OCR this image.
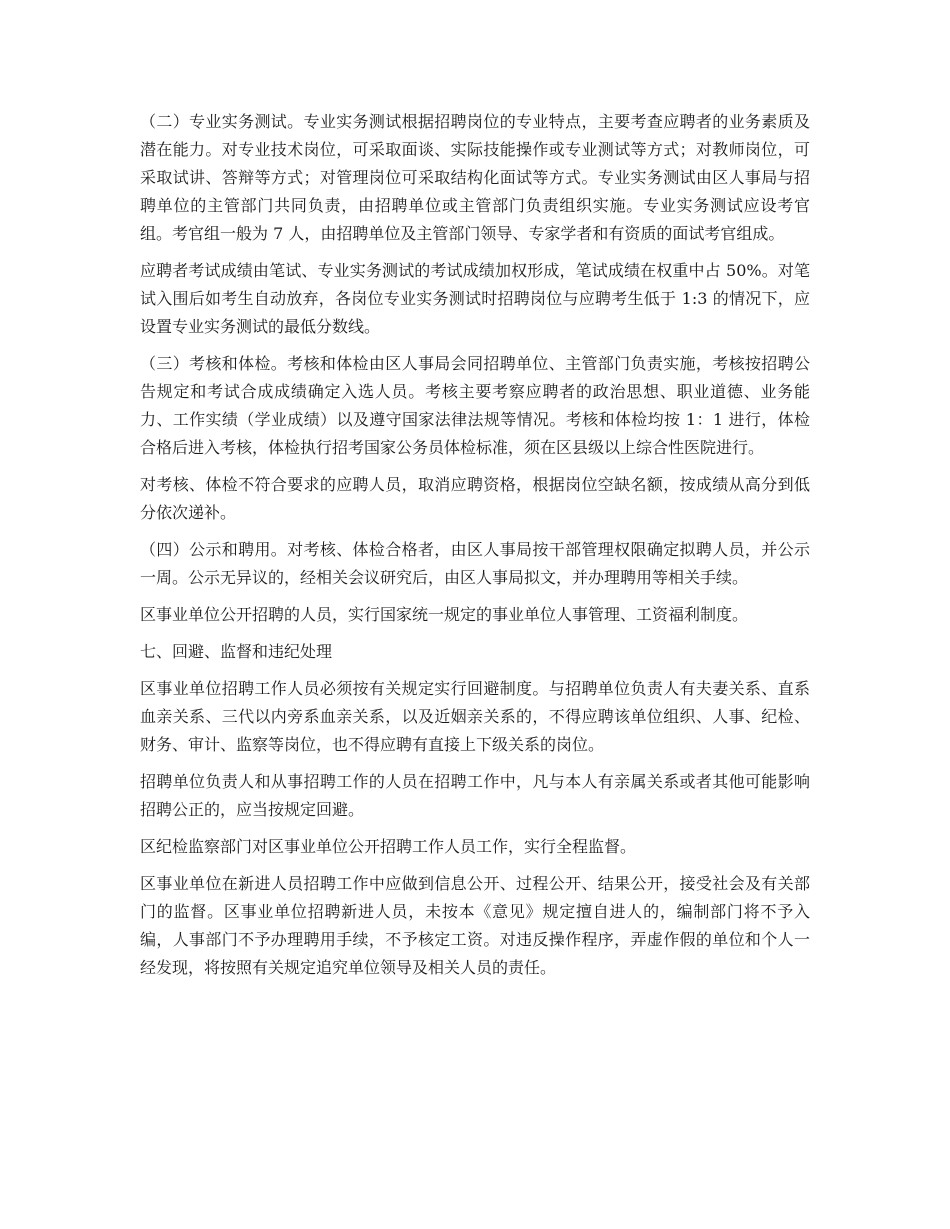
（二）专业实务测试。专业实务测试根据招聘岗位的专业特点，主要考查应聘者的业务素质及潜在能力。对专业技术岗位，可采取面谈、实际技能操作或专业测试等方式；对教师岗位，可采取试讲、答辩等方式；对管理岗位可采取结构化面试等方式。专业实务测试由区人事局与招聘单位的主管部门共同负责，由招聘单位或主管部门负责组织实施。专业实务测试应设考官组。考官组一般为 7 人，由招聘单位及主管部门领导、专家学者和有资质的面试考官组成。

应聘者考试成绩由笔试、专业实务测试的考试成绩加权形成，笔试成绩在权重中占 50%。对笔试入围后如考生自动放弃，各岗位专业实务测试时招聘岗位与应聘考生低于 1:3 的情况下，应设置专业实务测试的最低分数线。

（三）考核和体检。考核和体检由区人事局会同招聘单位、主管部门负责实施，考核按招聘公告规定和考试合成成绩确定入选人员。考核主要考察应聘者的政治思想、职业道德、业务能力、工作实绩（学业成绩）以及遵守国家法律法规等情况。考核和体检均按 1：1 进行，体检合格后进入考核，体检执行招考国家公务员体检标准，须在区县级以上综合性医院进行。

对考核、体检不符合要求的应聘人员，取消应聘资格，根据岗位空缺名额，按成绩从高分到低分依次递补。

（四）公示和聘用。对考核、体检合格者，由区人事局按干部管理权限确定拟聘人员，并公示一周。公示无异议的，经相关会议研究后，由区人事局拟文，并办理聘用等相关手续。

区事业单位公开招聘的人员，实行国家统一规定的事业单位人事管理、工资福利制度。

七、回避、监督和违纪处理

区事业单位招聘工作人员必须按有关规定实行回避制度。与招聘单位负责人有夫妻关系、直系血亲关系、三代以内旁系血亲关系，以及近姻亲关系的，不得应聘该单位组织、人事、纪检、财务、审计、监察等岗位，也不得应聘有直接上下级关系的岗位。

招聘单位负责人和从事招聘工作的人员在招聘工作中，凡与本人有亲属关系或者其他可能影响招聘公正的，应当按规定回避。

区纪检监察部门对区事业单位公开招聘工作人员工作，实行全程监督。

区事业单位在新进人员招聘工作中应做到信息公开、过程公开、结果公开，接受社会及有关部门的监督。区事业单位招聘新进人员，未按本《意见》规定擅自进人的，编制部门将不予入编，人事部门不予办理聘用手续，不予核定工资。对违反操作程序，弄虚作假的单位和个人一经发现，将按照有关规定追究单位领导及相关人员的责任。
